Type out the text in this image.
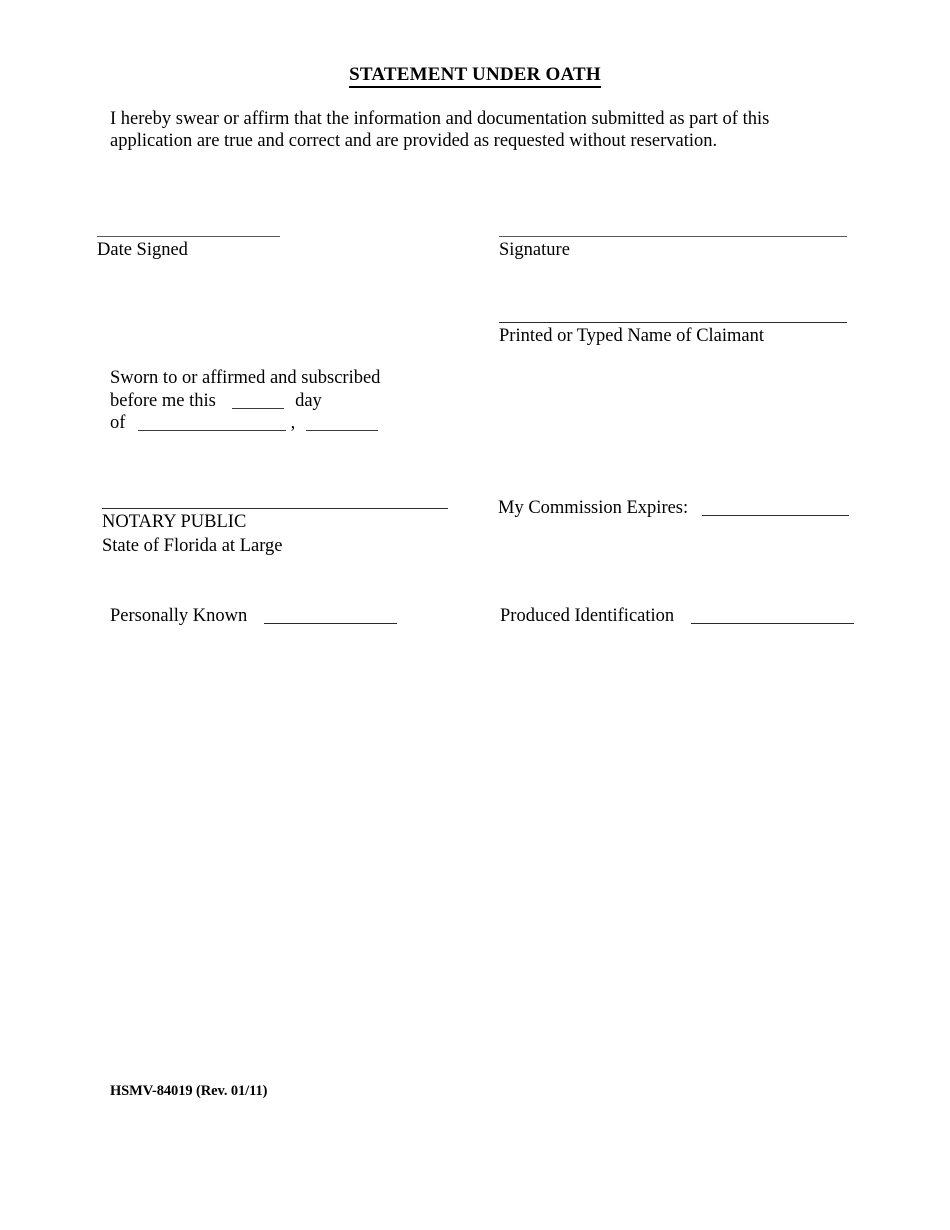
STATEMENT UNDER OATH

I hereby swear or affirm that the information and documentation submitted as part of this

application are true and correct and are provided as requested without reservation.

Date Signed	Signature
Printed or Typed Name of Claimant
Sworn to or affirmed and subscribed
before me this	day
of	,
My Commission Expires:
NOTARY PUBLIC
State of Florida at Large
Personally Known	Produced Identification
HSMV-84019 (Rev. 01/11)
